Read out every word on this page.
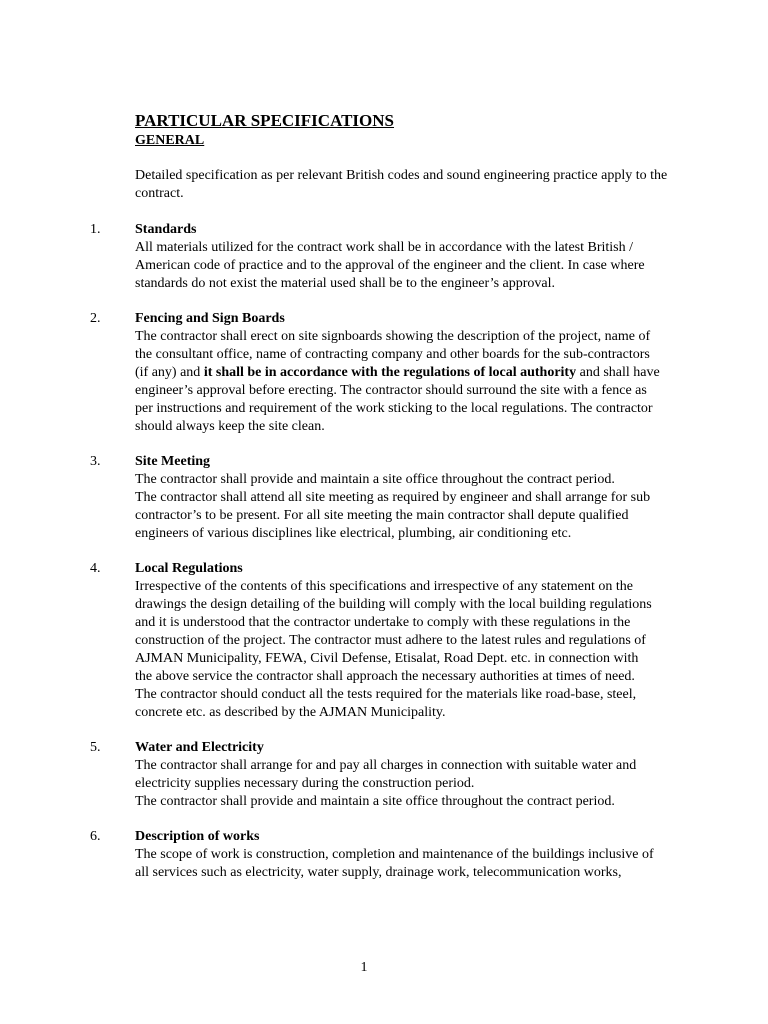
PARTICULAR SPECIFICATIONS
GENERAL

Detailed specification as per relevant British codes and sound engineering practice apply to the contract.

1. Standards
All materials utilized for the contract work shall be in accordance with the latest British /
American code of practice and to the approval of the engineer and the client. In case where
standards do not exist the material used shall be to the engineer’s approval.
2. Fencing and Sign Boards
The contractor shall erect on site signboards showing the description of the project, name of
the consultant office, name of contracting company and other boards for the sub-contractors
(if any) and it shall be in accordance with the regulations of local authority and shall have
engineer’s approval before erecting. The contractor should surround the site with a fence as
per instructions and requirement of the work sticking to the local regulations. The contractor
should always keep the site clean.
3. Site Meeting
The contractor shall provide and maintain a site office throughout the contract period.
The contractor shall attend all site meeting as required by engineer and shall arrange for sub
contractor’s to be present. For all site meeting the main contractor shall depute qualified
engineers of various disciplines like electrical, plumbing, air conditioning etc.
4. Local Regulations
Irrespective of the contents of this specifications and irrespective of any statement on the
drawings the design detailing of the building will comply with the local building regulations
and it is understood that the contractor undertake to comply with these regulations in the
construction of the project. The contractor must adhere to the latest rules and regulations of
AJMAN Municipality, FEWA, Civil Defense, Etisalat, Road Dept. etc. in connection with
the above service the contractor shall approach the necessary authorities at times of need.
The contractor should conduct all the tests required for the materials like road-base, steel,
concrete etc. as described by the AJMAN Municipality.
5. Water and Electricity
The contractor shall arrange for and pay all charges in connection with suitable water and
electricity supplies necessary during the construction period.
The contractor shall provide and maintain a site office throughout the contract period.
6. Description of works
The scope of work is construction, completion and maintenance of the buildings inclusive of
all services such as electricity, water supply, drainage work, telecommunication works,
1
